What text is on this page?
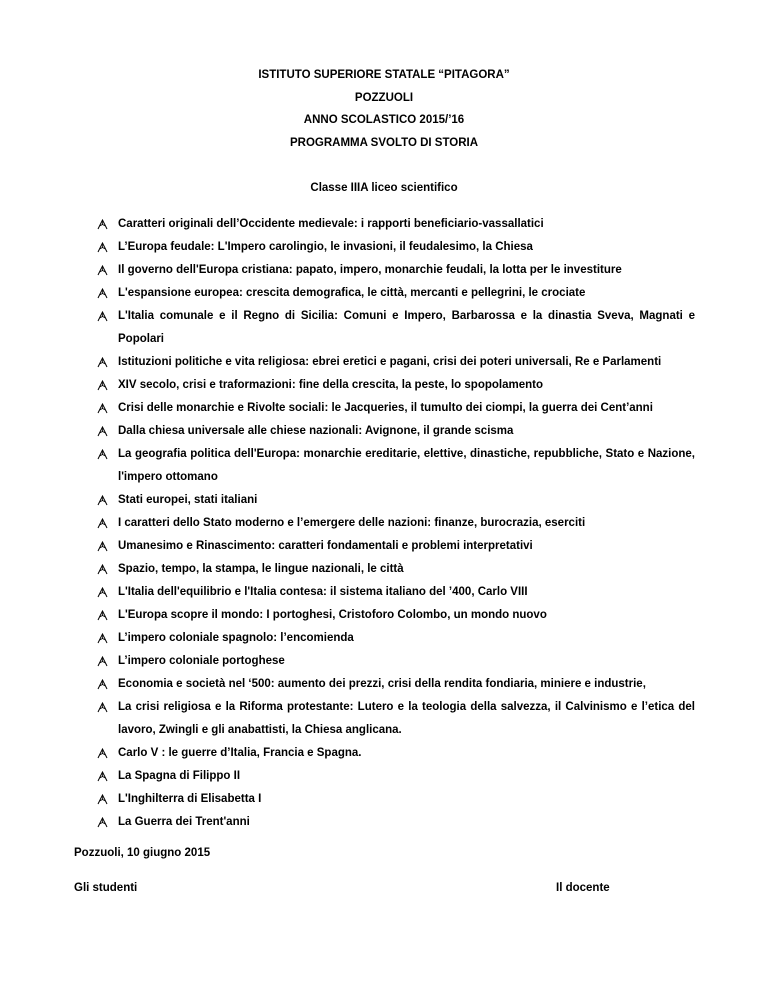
ISTITUTO SUPERIORE STATALE “PITAGORA”
POZZUOLI
ANNO SCOLASTICO 2015/’16
PROGRAMMA SVOLTO DI STORIA
Classe IIIA liceo scientifico
Caratteri originali dell’Occidente medievale: i rapporti beneficiario-vassallatici
L’Europa feudale: L'Impero carolingio, le invasioni, il feudalesimo, la Chiesa
Il governo dell'Europa cristiana: papato, impero, monarchie feudali, la lotta per le investiture
L'espansione europea: crescita demografica, le città, mercanti e pellegrini, le crociate
L'Italia comunale e il Regno di Sicilia: Comuni e Impero, Barbarossa e la dinastia Sveva, Magnati e Popolari
Istituzioni politiche e vita religiosa: ebrei eretici e pagani, crisi dei poteri universali, Re e Parlamenti
XIV secolo, crisi e traformazioni: fine della crescita, la peste, lo spopolamento
Crisi delle monarchie e Rivolte sociali: le Jacqueries, il tumulto dei ciompi, la guerra dei Cent’anni
Dalla chiesa universale alle chiese nazionali: Avignone, il grande scisma
La geografia politica dell'Europa: monarchie ereditarie, elettive, dinastiche, repubbliche, Stato e Nazione, l'impero ottomano
Stati europei, stati italiani
I caratteri dello Stato moderno e l’emergere delle nazioni: finanze, burocrazia, eserciti
Umanesimo e Rinascimento: caratteri fondamentali e problemi interpretativi
Spazio, tempo, la stampa, le lingue nazionali, le città
L'Italia dell'equilibrio e l'Italia contesa: il sistema italiano del ’400, Carlo VIII
L'Europa scopre il mondo: I portoghesi, Cristoforo Colombo, un mondo nuovo
L’impero coloniale spagnolo: l’encomienda
L’impero coloniale portoghese
Economia e società nel ‘500: aumento dei prezzi, crisi della rendita fondiaria, miniere e industrie,
La crisi religiosa e la Riforma protestante: Lutero e la teologia della salvezza, il Calvinismo e l’etica del lavoro, Zwingli e gli anabattisti, la Chiesa anglicana.
Carlo V : le guerre d’Italia, Francia e Spagna.
La Spagna di Filippo II
L'Inghilterra di Elisabetta I
La Guerra dei Trent'anni
Pozzuoli, 10 giugno 2015
Gli studenti	Il docente
